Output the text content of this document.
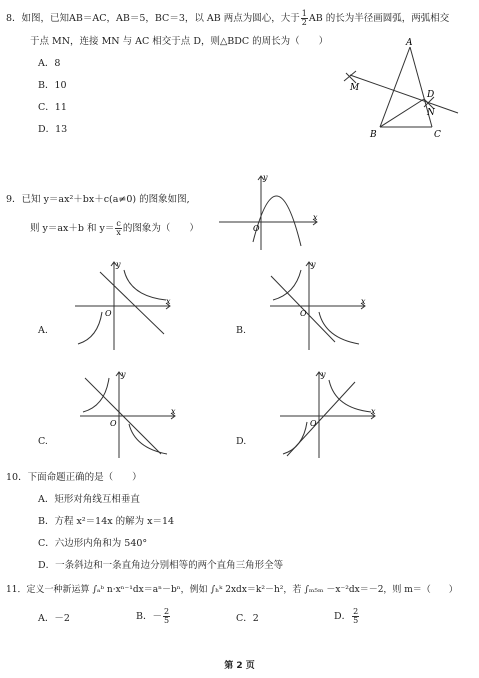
8．如图，已知AB＝AC，AB＝5，BC＝3，以 AB 两点为圆心，大于 $\frac{1}{2}$ AB 的长为半径画圆弧，两弧相交
于点 MN，连接 MN 与 AC 相交于点 D，则△BDC 的周长为（　　）
A．8
B．10
C．11
D．13
A
B	C
D
M
N
9．已知 y＝ax²＋bx＋c(a≠0) 的图象如图,
则 y＝ax＋b 和 $y= \frac{c}{x}$ 的图象为（　　）
x
y
O
x
y
O
A.
x
y
O
B.
x
y
O
C.
x
y
O
D.
10．下面命题正确的是（　　）
A．矩形对角线互相垂直
B．方程 x²＝14x 的解为 x＝14
C．六边形内角和为 540°
D．一条斜边和一条直角边分别相等的两个直角三角形全等
11．定义一种新运算 ∫ₐᵇ n·xⁿ⁻¹dx＝aⁿ－bⁿ，例如 ∫ₕᵏ 2xdx＝k²－h²，若 ∫ₘ₅ₘ －x⁻²dx＝－2，则 m＝（　　）
A．－2	B．－ $\frac{2}{5}$	C．2	D． $\frac{2}{5}$
第 2 页
